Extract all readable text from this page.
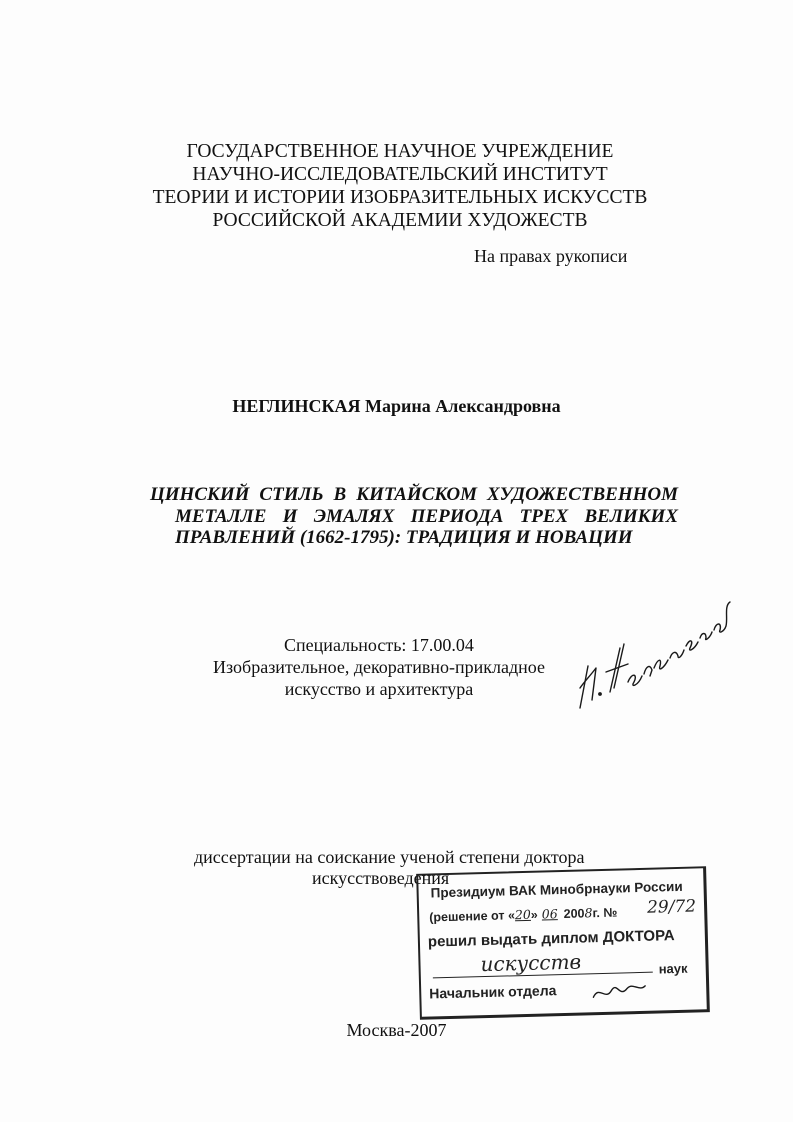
ГОСУДАРСТВЕННОЕ НАУЧНОЕ УЧРЕЖДЕНИЕ
НАУЧНО-ИССЛЕДОВАТЕЛЬСКИЙ ИНСТИТУТ
ТЕОРИИ И ИСТОРИИ ИЗОБРАЗИТЕЛЬНЫХ ИСКУССТВ
РОССИЙСКОЙ АКАДЕМИИ ХУДОЖЕСТВ
На правах рукописи
НЕГЛИНСКАЯ Марина Александровна
ЦИНСКИЙ СТИЛЬ В КИТАЙСКОМ ХУДОЖЕСТВЕННОМ
МЕТАЛЛЕ И ЭМАЛЯХ ПЕРИОДА ТРЕХ ВЕЛИКИХ
ПРАВЛЕНИЙ (1662-1795): ТРАДИЦИЯ И НОВАЦИИ
Специальность: 17.00.04
Изобразительное, декоративно-прикладное
искусство и архитектура
диссертации на соискание ученой степени доктора
искусствоведения
Президиум ВАК Минобрнауки России
(решение от «20» 06 2008г. № 29/72
решил выдать диплом ДОКТОРА
искусств	наук
Начальник отдела
Москва-2007
